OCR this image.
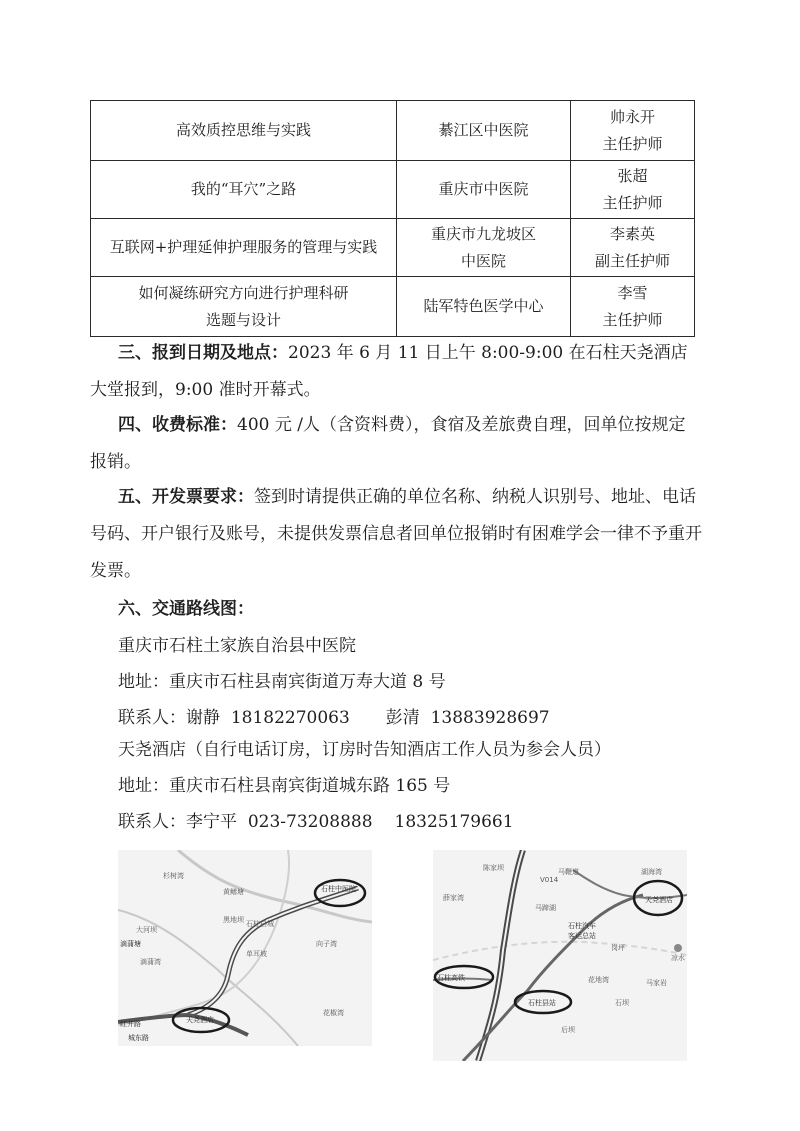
高效质控思维与实践	綦江区中医院	帅永开
主任护师

我的“耳穴”之路	重庆市中医院	张超
主任护师

互联网+护理延伸护理服务的管理与实践	重庆市九龙坡区
中医院	李素英
副主任护师

如何凝练研究方向进行护理科研
选题与设计	陆军特色医学中心	李雪
主任护师
三、报到日期及地点：2023 年 6 月 11 日上午 8:00-9:00 在石柱天尧酒店大堂报到，9:00 准时开幕式。
四、收费标准：400 元 /人（含资料费），食宿及差旅费自理，回单位按规定报销。
五、开发票要求：签到时请提供正确的单位名称、纳税人识别号、地址、电话号码、开户银行及账号，未提供发票信息者回单位报销时有困难学会一律不予重开发票。
六、交通路线图：
重庆市石柱土家族自治县中医院
地址：重庆市石柱县南宾街道万寿大道 8 号
联系人：谢静 18182270063 彭清 13883928697
天尧酒店（自行电话订房，订房时告知酒店工作人员为参会人员）
地址：重庆市石柱县南宾街道城东路 165 号
联系人：李宁平 023-73208888 18325179661
杉树湾
黄鳝塘	石柱中医院
大河坝
黑地坝
滴蒲塘
滴蒲湾
单耳坡
石柱县城
向子湾
天尧酒店
红井路
城东路
花椒湾
陈家坝
V014
湖海湾
马鞭道
天尧酒店
薛家湾
马蹄湖
石柱汽车
客运总站
花地湾
石柱高铁
石柱县站	石坝
马家岩
后坝
凉水
岗坪
